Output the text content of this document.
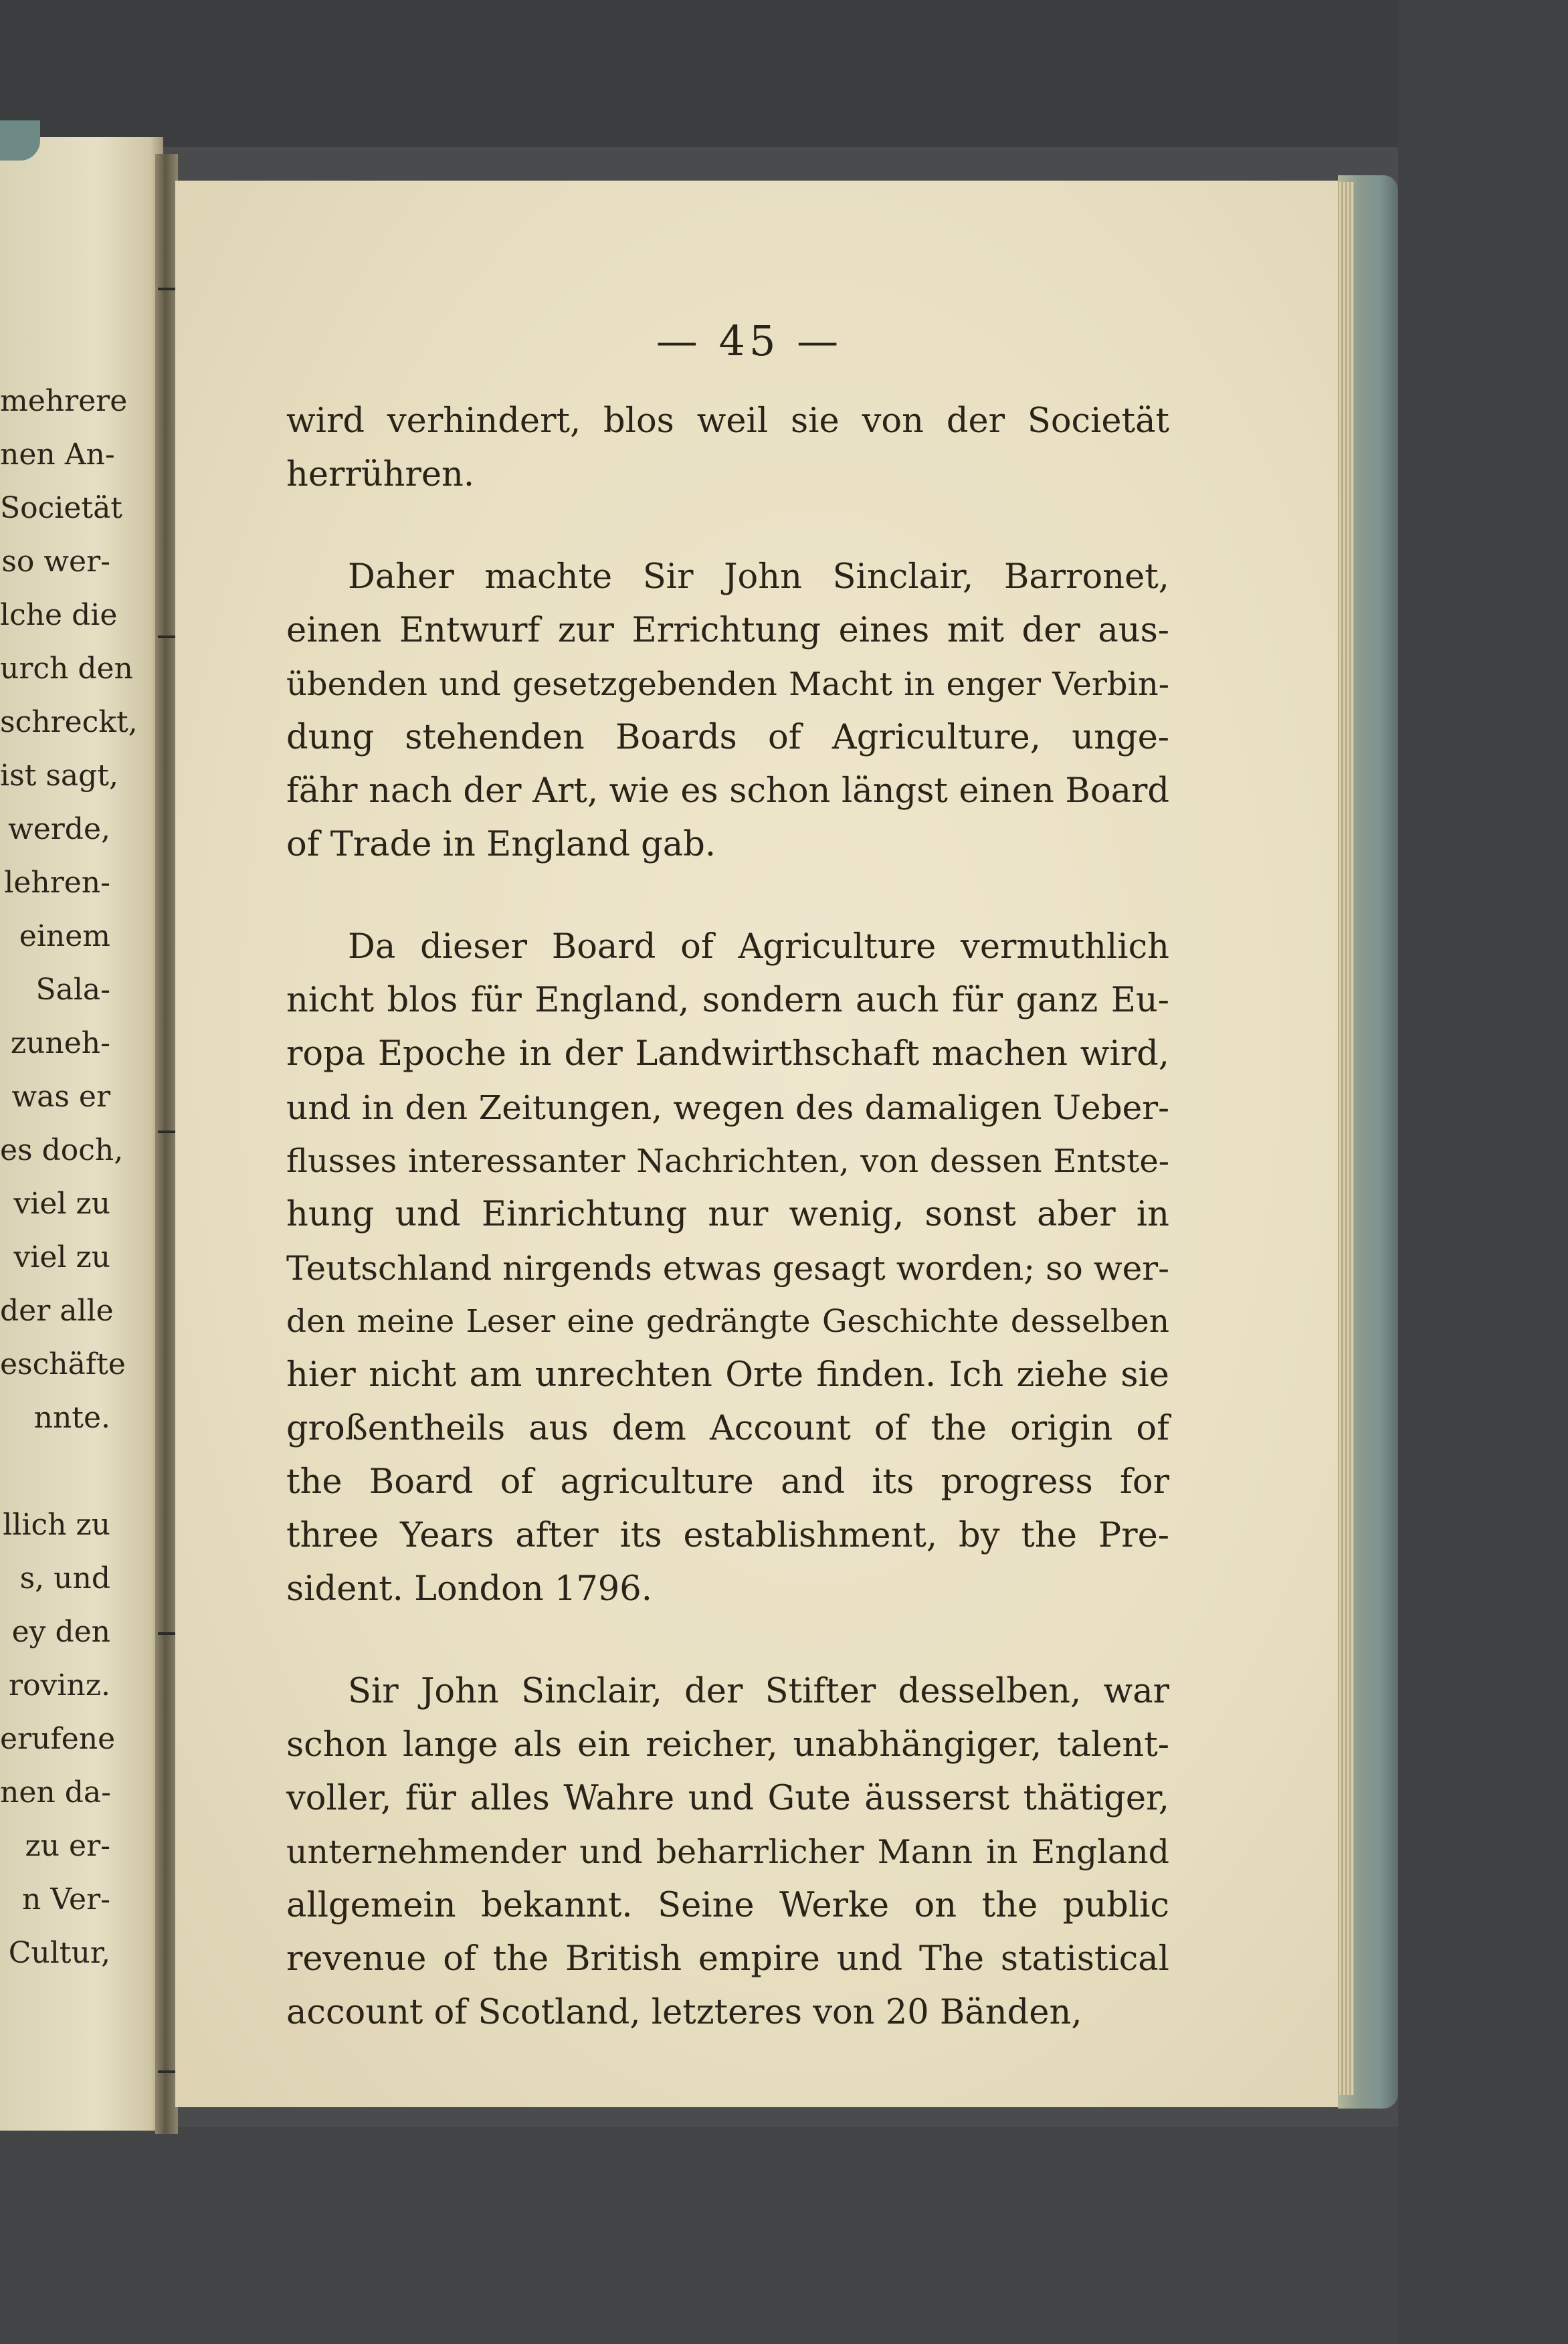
mehrere
nen An-
Societät
so wer-
lche die
urch den
schreckt,
ist sagt,
werde,
lehren-
einem
Sala-
zuneh-
was er
es doch,
viel zu
viel zu
der alle
eschäfte
nnte.
llich zu
s, und
ey den
rovinz.
erufene
nen da-
zu er-
n Ver-
Cultur,
— 45 —
wird verhindert, blos weil sie von der Societät
herrühren.
Daher machte Sir John Sinclair, Barronet,
einen Entwurf zur Errichtung eines mit der aus-
übenden und gesetzgebenden Macht in enger Verbin-
dung stehenden Boards of Agriculture, unge-
fähr nach der Art, wie es schon längst einen Board
of Trade in England gab.
Da dieser Board of Agriculture vermuthlich
nicht blos für England, sondern auch für ganz Eu-
ropa Epoche in der Landwirthschaft machen wird,
und in den Zeitungen, wegen des damaligen Ueber-
flusses interessanter Nachrichten, von dessen Entste-
hung und Einrichtung nur wenig, sonst aber in
Teutschland nirgends etwas gesagt worden; so wer-
den meine Leser eine gedrängte Geschichte desselben
hier nicht am unrechten Orte finden. Ich ziehe sie
großentheils aus dem Account of the origin of
the Board of agriculture and its progress for
three Years after its establishment, by the Pre-
sident. London 1796.
Sir John Sinclair, der Stifter desselben, war
schon lange als ein reicher, unabhängiger, talent-
voller, für alles Wahre und Gute äusserst thätiger,
unternehmender und beharrlicher Mann in England
allgemein bekannt. Seine Werke on the public
revenue of the British empire und The statistical
account of Scotland, letzteres von 20 Bänden,
